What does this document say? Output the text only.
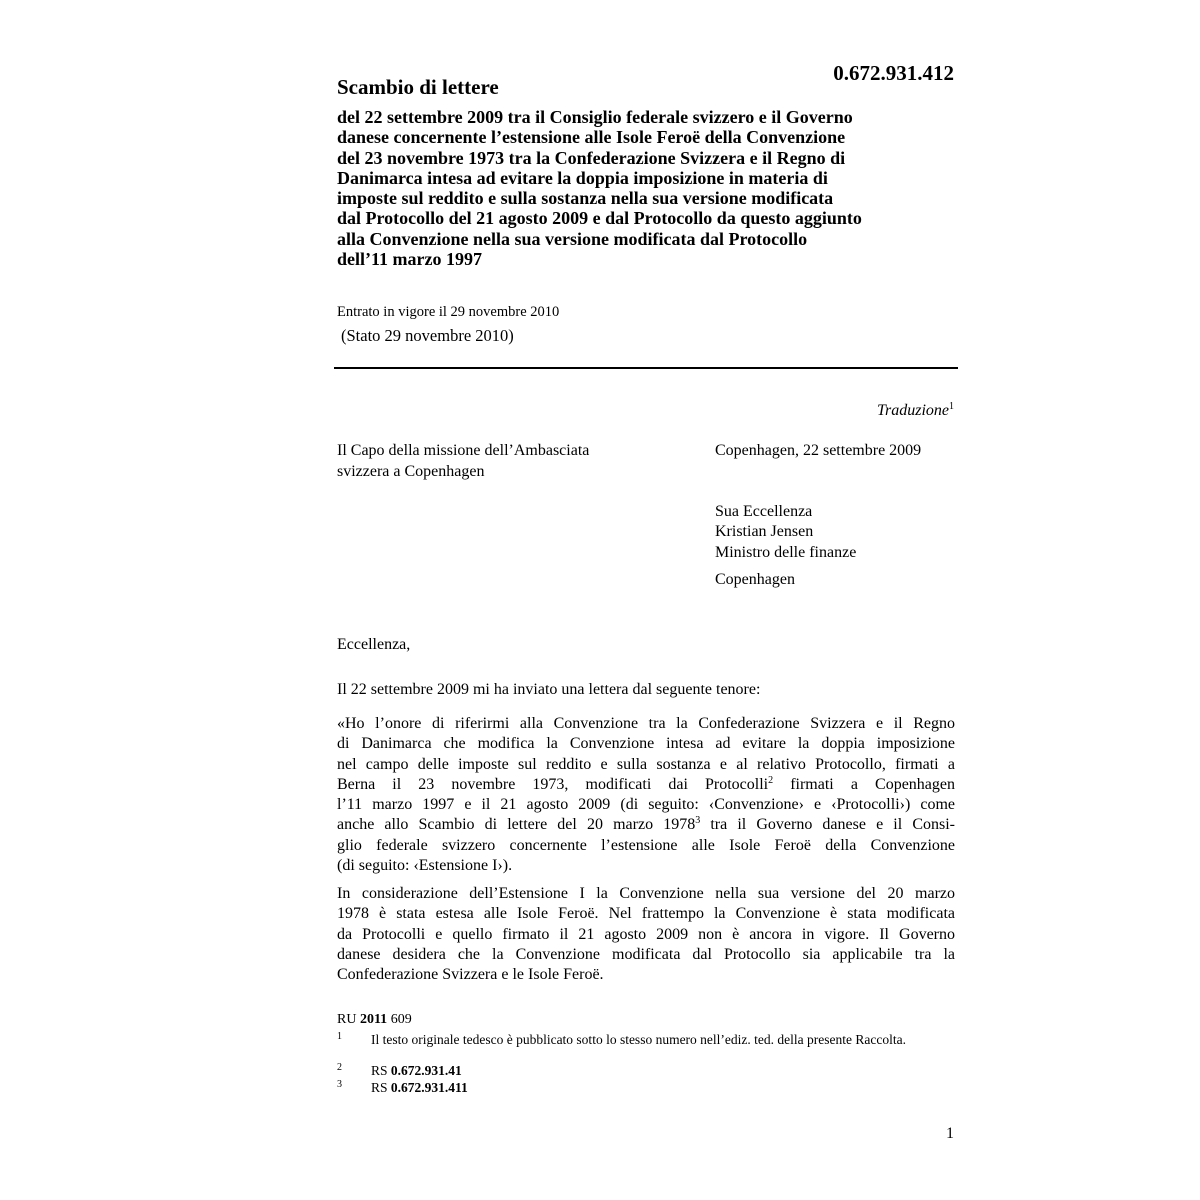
Scambio di lettere
0.672.931.412
del 22 settembre 2009 tra il Consiglio federale svizzero e il Governo
danese concernente l’estensione alle Isole Feroë della Convenzione
del 23 novembre 1973 tra la Confederazione Svizzera e il Regno di
Danimarca intesa ad evitare la doppia imposizione in materia di
imposte sul reddito e sulla sostanza nella sua versione modificata
dal Protocollo del 21 agosto 2009 e dal Protocollo da questo aggiunto
alla Convenzione nella sua versione modificata dal Protocollo
dell’11 marzo 1997
Entrato in vigore il 29 novembre 2010
(Stato 29 novembre 2010)
Traduzione$^1$
Il Capo della missione dell’Ambasciata
svizzera a Copenhagen
Copenhagen, 22 settembre 2009
Sua Eccellenza
Kristian Jensen
Ministro delle finanze
Copenhagen
Eccellenza,
Il 22 settembre 2009 mi ha inviato una lettera dal seguente tenore:
«Ho l’onore di riferirmi alla Convenzione tra la Confederazione Svizzera e il Regno
di Danimarca che modifica la Convenzione intesa ad evitare la doppia imposizione
nel campo delle imposte sul reddito e sulla sostanza e al relativo Protocollo, firmati a
Berna il 23 novembre 1973, modificati dai Protocolli$^2$ firmati a Copenhagen
l’11 marzo 1997 e il 21 agosto 2009 (di seguito: ‹Convenzione› e ‹Protocolli›) come
anche allo Scambio di lettere del 20 marzo 1978$^3$ tra il Governo danese e il Consi-
glio federale svizzero concernente l’estensione alle Isole Feroë della Convenzione
(di seguito: ‹Estensione I›).
In considerazione dell’Estensione I la Convenzione nella sua versione del 20 marzo
1978 è stata estesa alle Isole Feroë. Nel frattempo la Convenzione è stata modificata
da Protocolli e quello firmato il 21 agosto 2009 non è ancora in vigore. Il Governo
danese desidera che la Convenzione modificata dal Protocollo sia applicabile tra la
Confederazione Svizzera e le Isole Feroë.
RU 2011 609
1 Il testo originale tedesco è pubblicato sotto lo stesso numero nell’ediz. ted. della presente Raccolta.
2 RS 0.672.931.41
3 RS 0.672.931.411
1
